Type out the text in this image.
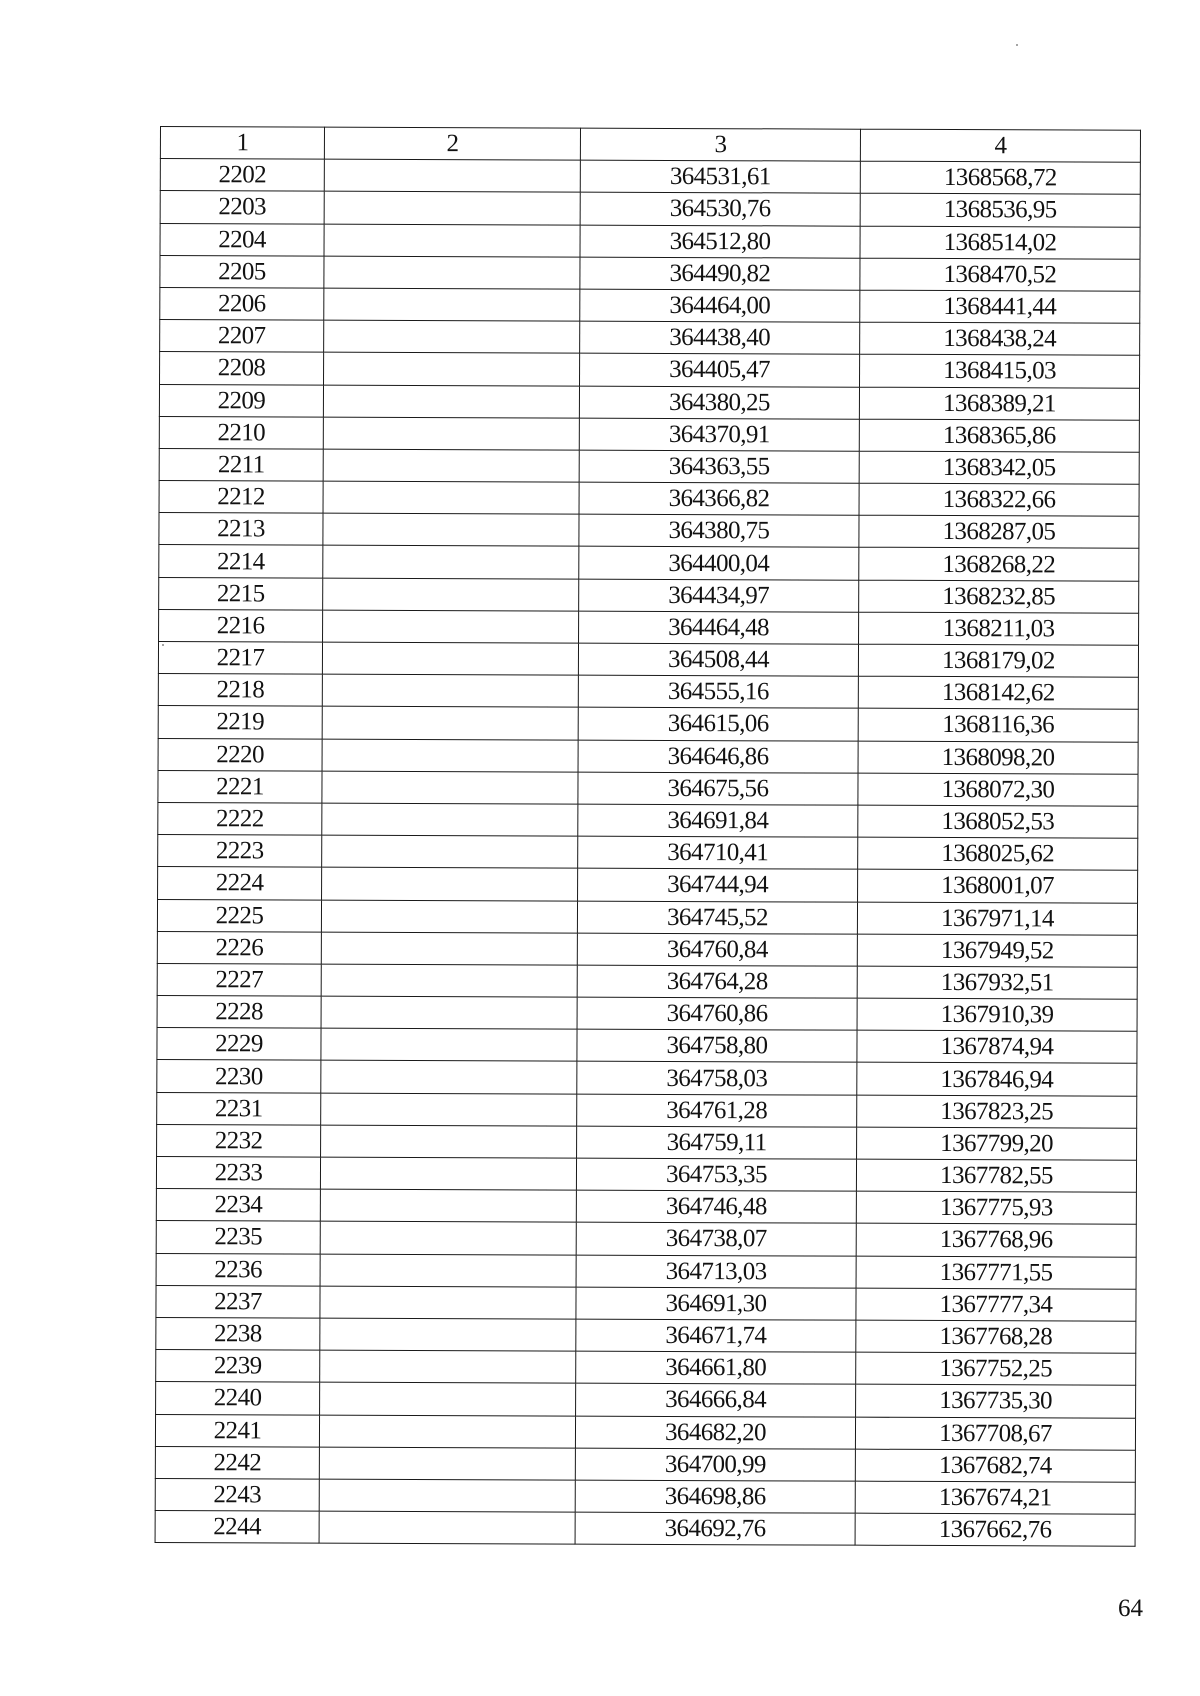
1	2	3	4
2202		364531,61	1368568,72
2203		364530,76	1368536,95
2204		364512,80	1368514,02
2205		364490,82	1368470,52
2206		364464,00	1368441,44
2207		364438,40	1368438,24
2208		364405,47	1368415,03
2209		364380,25	1368389,21
2210		364370,91	1368365,86
2211		364363,55	1368342,05
2212		364366,82	1368322,66
2213		364380,75	1368287,05
2214		364400,04	1368268,22
2215		364434,97	1368232,85
2216		364464,48	1368211,03
2217		364508,44	1368179,02
2218		364555,16	1368142,62
2219		364615,06	1368116,36
2220		364646,86	1368098,20
2221		364675,56	1368072,30
2222		364691,84	1368052,53
2223		364710,41	1368025,62
2224		364744,94	1368001,07
2225		364745,52	1367971,14
2226		364760,84	1367949,52
2227		364764,28	1367932,51
2228		364760,86	1367910,39
2229		364758,80	1367874,94
2230		364758,03	1367846,94
2231		364761,28	1367823,25
2232		364759,11	1367799,20
2233		364753,35	1367782,55
2234		364746,48	1367775,93
2235		364738,07	1367768,96
2236		364713,03	1367771,55
2237		364691,30	1367777,34
2238		364671,74	1367768,28
2239		364661,80	1367752,25
2240		364666,84	1367735,30
2241		364682,20	1367708,67
2242		364700,99	1367682,74
2243		364698,86	1367674,21
2244		364692,76	1367662,76
64
